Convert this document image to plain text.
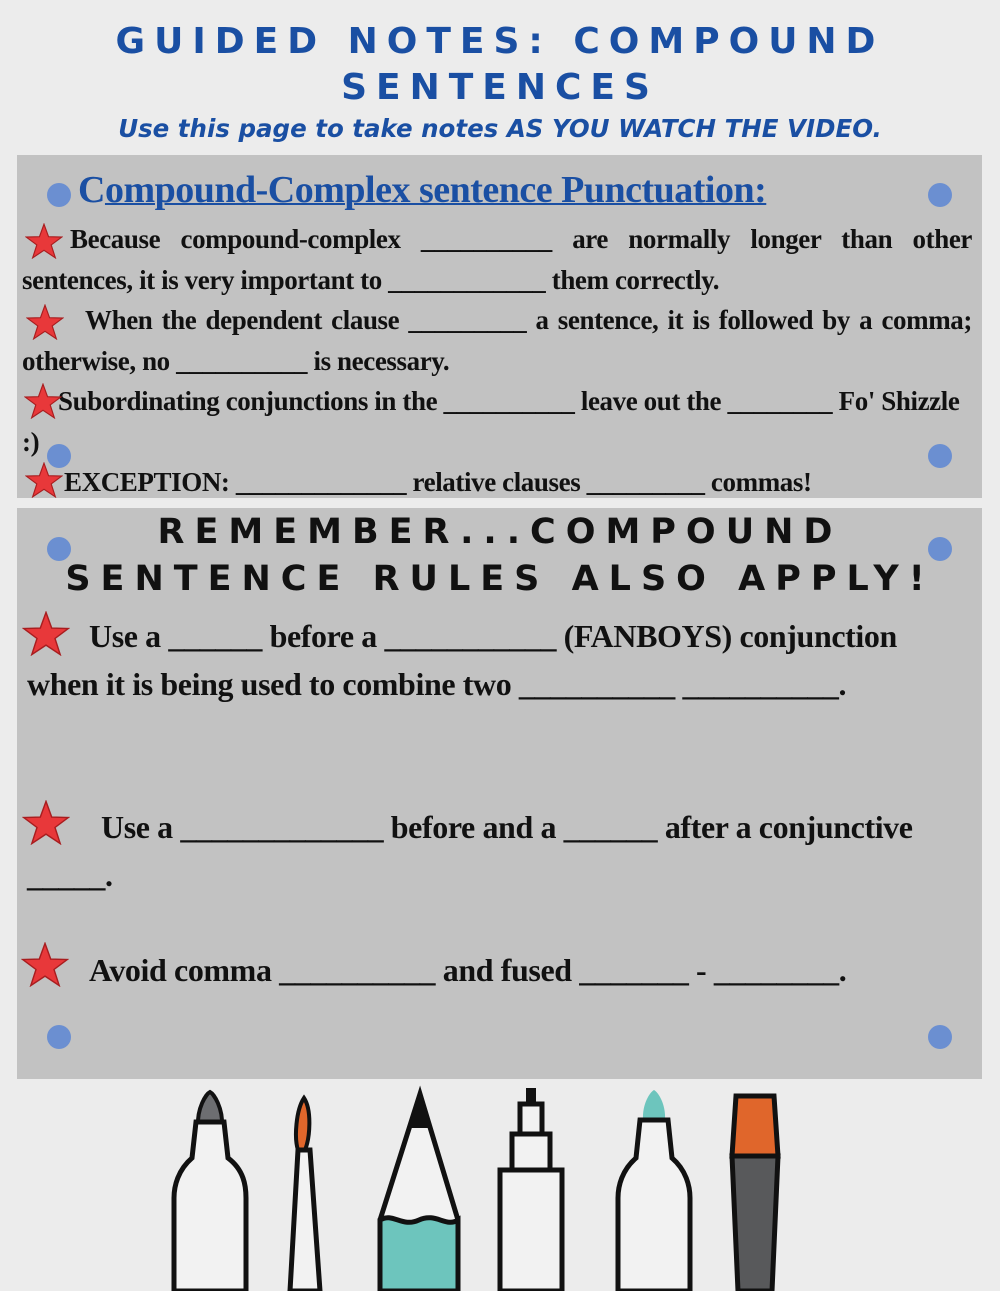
GUIDED NOTES: COMPOUND
SENTENCES
Use this page to take notes AS YOU WATCH THE VIDEO.
Compound-Complex sentence Punctuation:
Because compound-complex __________ are normally longer than other sentences, it is very important to ____________ them correctly.
When the dependent clause _________ a sentence, it is followed by a comma; otherwise, no __________ is necessary.
Subordinating conjunctions in the __________ leave out the ________ Fo' Shizzle :)
EXCEPTION: _____________ relative clauses _________ commas!
REMEMBER...COMPOUND
SENTENCE RULES ALSO APPLY!
Use a ______ before a ___________ (FANBOYS) conjunction when it is being used to combine two __________ __________.
Use a _____________ before and a ______ after a conjunctive _____.
Avoid comma __________ and fused _______ - ________.
